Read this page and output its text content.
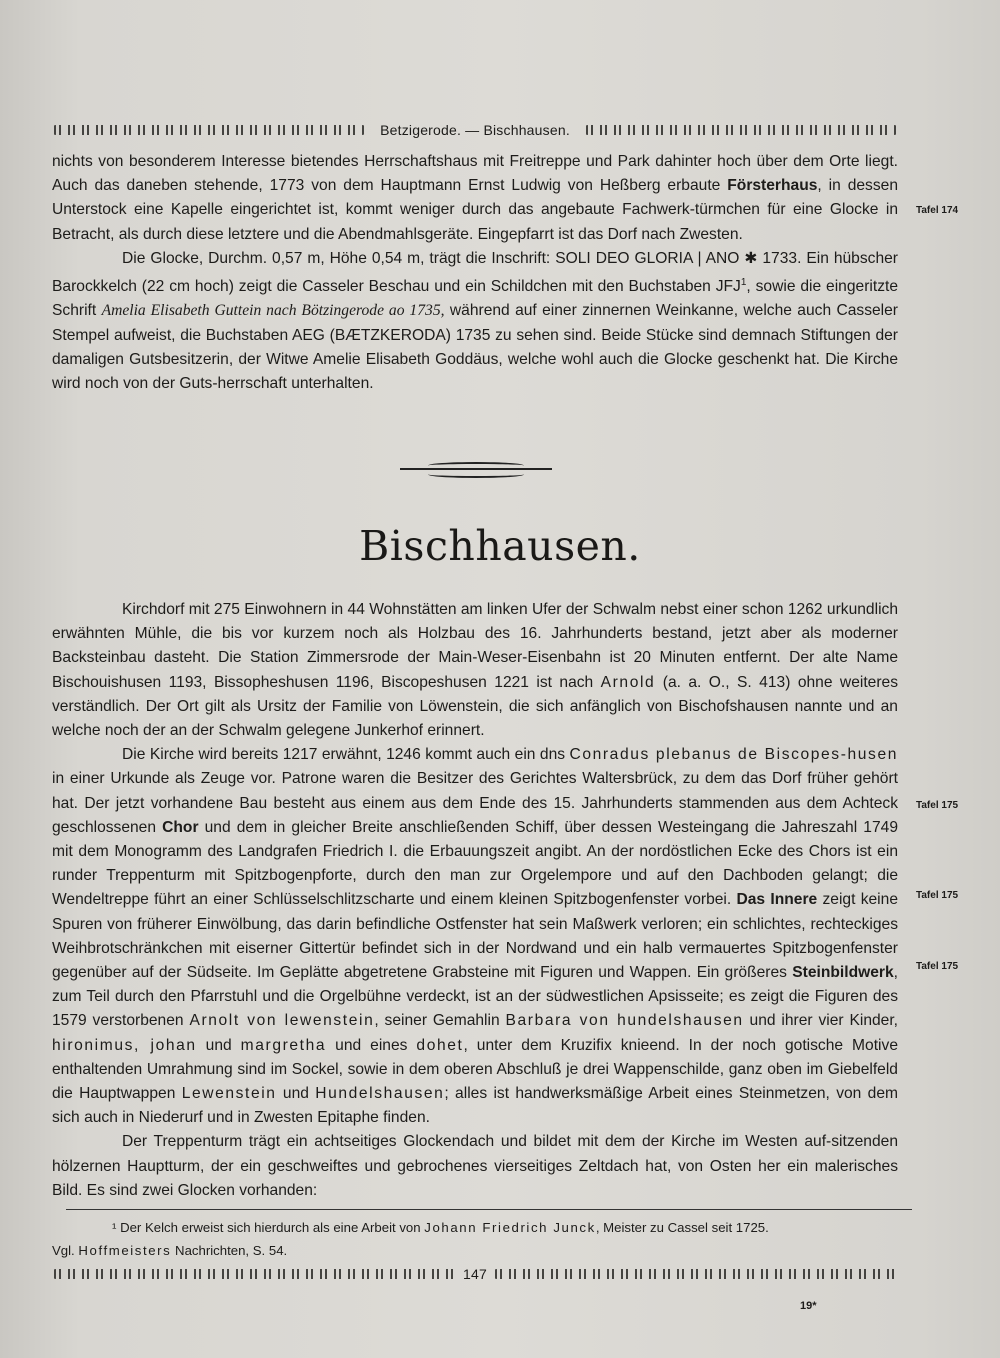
Betzigerode. — Bischhausen.

nichts von besonderem Interesse bietendes Herrschaftshaus mit Freitreppe und Park dahinter hoch über dem Orte liegt. Auch das daneben stehende, 1773 von dem Hauptmann Ernst Ludwig von Heßberg erbaute Försterhaus, in dessen Unterstock eine Kapelle eingerichtet ist, kommt weniger durch das angebaute Fachwerk-türmchen für eine Glocke in Betracht, als durch diese letztere und die Abendmahlsgeräte. Eingepfarrt ist das Dorf nach Zwesten.

Die Glocke, Durchm. 0,57 m, Höhe 0,54 m, trägt die Inschrift: SOLI DEO GLORIA | ANO ✱ 1733. Ein hübscher Barockkelch (22 cm hoch) zeigt die Casseler Beschau und ein Schildchen mit den Buchstaben JFJ$^1$, sowie die eingeritzte Schrift Amelia Elisabeth Guttein nach Bötzingerode ao 1735, während auf einer zinnernen Weinkanne, welche auch Casseler Stempel aufweist, die Buchstaben AEG (BÆTZKERODA) 1735 zu sehen sind. Beide Stücke sind demnach Stiftungen der damaligen Gutsbesitzerin, der Witwe Amelie Elisabeth Goddäus, welche wohl auch die Glocke geschenkt hat. Die Kirche wird noch von der Guts-herrschaft unterhalten.

Tafel 174
Bischhausen.

Kirchdorf mit 275 Einwohnern in 44 Wohnstätten am linken Ufer der Schwalm nebst einer schon 1262 urkundlich erwähnten Mühle, die bis vor kurzem noch als Holzbau des 16. Jahrhunderts bestand, jetzt aber als moderner Backsteinbau dasteht. Die Station Zimmersrode der Main-Weser-Eisenbahn ist 20 Minuten entfernt. Der alte Name Bischouishusen 1193, Bissopheshusen 1196, Biscopeshusen 1221 ist nach Arnold (a. a. O., S. 413) ohne weiteres verständlich. Der Ort gilt als Ursitz der Familie von Löwenstein, die sich anfänglich von Bischofshausen nannte und an welche noch der an der Schwalm gelegene Junkerhof erinnert.

Die Kirche wird bereits 1217 erwähnt, 1246 kommt auch ein dns Conradus plebanus de Biscopes-husen in einer Urkunde als Zeuge vor. Patrone waren die Besitzer des Gerichtes Waltersbrück, zu dem das Dorf früher gehört hat. Der jetzt vorhandene Bau besteht aus einem aus dem Ende des 15. Jahrhunderts stammenden aus dem Achteck geschlossenen Chor und dem in gleicher Breite anschließenden Schiff, über dessen Westeingang die Jahreszahl 1749 mit dem Monogramm des Landgrafen Friedrich I. die Erbauungszeit angibt. An der nordöstlichen Ecke des Chors ist ein runder Treppenturm mit Spitzbogenpforte, durch den man zur Orgelempore und auf den Dachboden gelangt; die Wendeltreppe führt an einer Schlüsselschlitzscharte und einem kleinen Spitzbogenfenster vorbei. Das Innere zeigt keine Spuren von früherer Einwölbung, das darin befindliche Ostfenster hat sein Maßwerk verloren; ein schlichtes, rechteckiges Weihbrotschränkchen mit eiserner Gittertür befindet sich in der Nordwand und ein halb vermauertes Spitzbogenfenster gegenüber auf der Südseite. Im Geplätte abgetretene Grabsteine mit Figuren und Wappen. Ein größeres Steinbildwerk, zum Teil durch den Pfarrstuhl und die Orgelbühne verdeckt, ist an der südwestlichen Apsisseite; es zeigt die Figuren des 1579 verstorbenen Arnolt von lewenstein, seiner Gemahlin Barbara von hundelshausen und ihrer vier Kinder, hironimus, johan und margretha und eines dohet, unter dem Kruzifix knieend. In der noch gotische Motive enthaltenden Umrahmung sind im Sockel, sowie in dem oberen Abschluß je drei Wappenschilde, ganz oben im Giebelfeld die Hauptwappen Lewenstein und Hundelshausen; alles ist handwerksmäßige Arbeit eines Steinmetzen, von dem sich auch in Niederurf und in Zwesten Epitaphe finden.

Der Treppenturm trägt ein achtseitiges Glockendach und bildet mit dem der Kirche im Westen auf-sitzenden hölzernen Hauptturm, der ein geschweiftes und gebrochenes vierseitiges Zeltdach hat, von Osten her ein malerisches Bild. Es sind zwei Glocken vorhanden:

Tafel 175
Tafel 175
Tafel 175

¹ Der Kelch erweist sich hierdurch als eine Arbeit von Johann Friedrich Junck, Meister zu Cassel seit 1725.

Vgl. Hoffmeisters Nachrichten, S. 54.

147
19*
